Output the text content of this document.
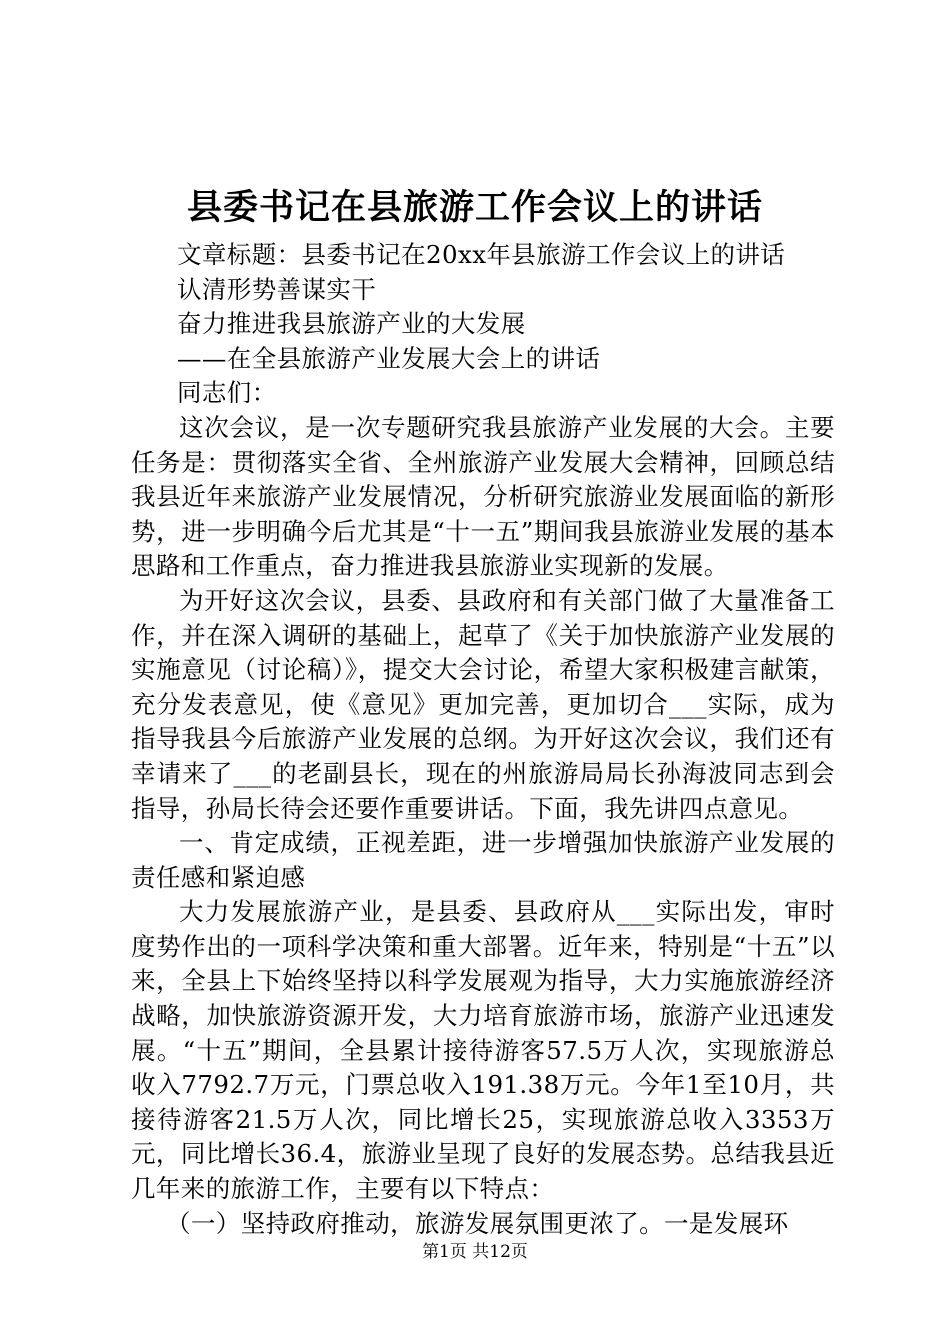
县委书记在县旅游工作会议上的讲话

文章标题：县委书记在20xx年县旅游工作会议上的讲话

认清形势善谋实干

奋力推进我县旅游产业的大发展

——在全县旅游产业发展大会上的讲话

同志们：

这次会议，是一次专题研究我县旅游产业发展的大会。主要任务是：贯彻落实全省、全州旅游产业发展大会精神，回顾总结我县近年来旅游产业发展情况，分析研究旅游业发展面临的新形势，进一步明确今后尤其是“十一五”期间我县旅游业发展的基本思路和工作重点，奋力推进我县旅游业实现新的发展。

为开好这次会议，县委、县政府和有关部门做了大量准备工作，并在深入调研的基础上，起草了《关于加快旅游产业发展的实施意见（讨论稿）》，提交大会讨论，希望大家积极建言献策，充分发表意见，使《意见》更加完善，更加切合___实际，成为指导我县今后旅游产业发展的总纲。为开好这次会议，我们还有幸请来了___的老副县长，现在的州旅游局局长孙海波同志到会指导，孙局长待会还要作重要讲话。下面，我先讲四点意见。

一、肯定成绩，正视差距，进一步增强加快旅游产业发展的责任感和紧迫感

大力发展旅游产业，是县委、县政府从___实际出发，审时度势作出的一项科学决策和重大部署。近年来，特别是“十五”以来，全县上下始终坚持以科学发展观为指导，大力实施旅游经济战略，加快旅游资源开发，大力培育旅游市场，旅游产业迅速发展。“十五”期间，全县累计接待游客57.5万人次，实现旅游总收入7792.7万元，门票总收入191.38万元。今年1至10月，共接待游客21.5万人次，同比增长25，实现旅游总收入3353万元，同比增长36.4，旅游业呈现了良好的发展态势。总结我县近几年来的旅游工作，主要有以下特点：

（一）坚持政府推动，旅游发展氛围更浓了。一是发展环

第1页 共12页
